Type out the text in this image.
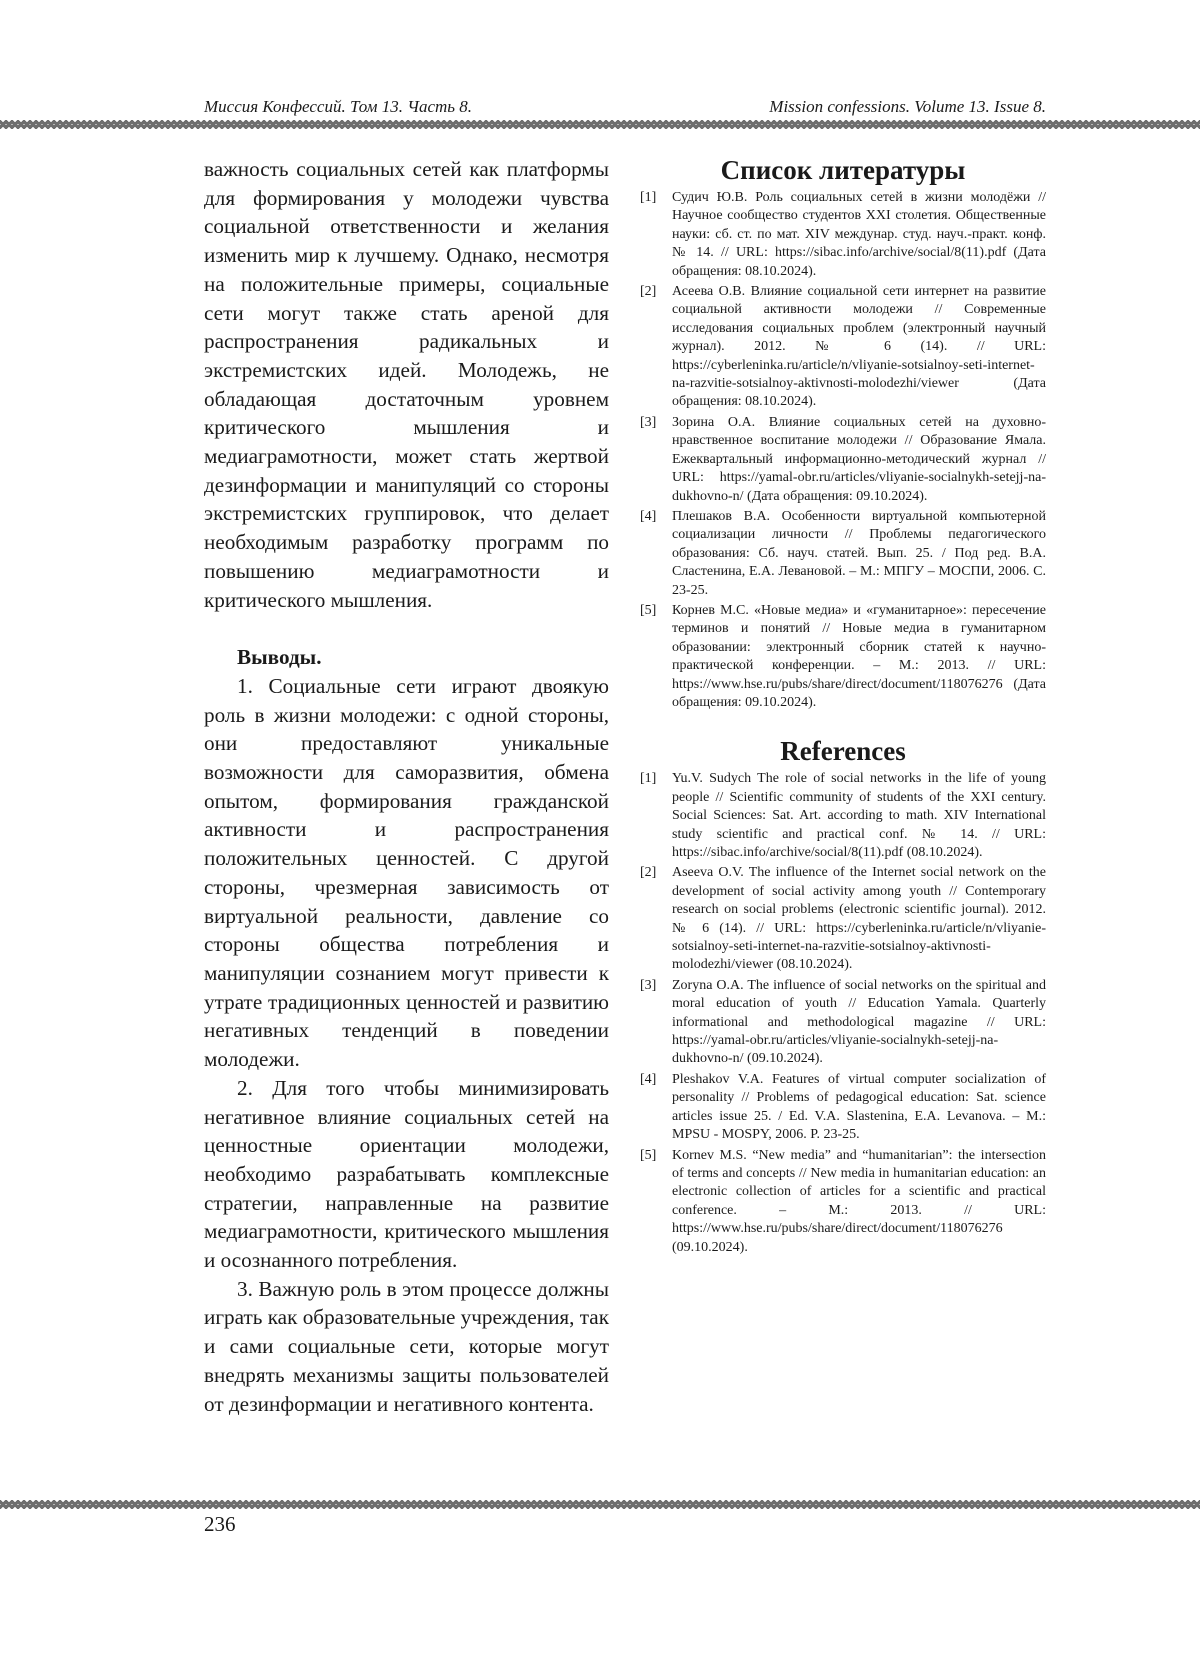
Миссия Конфессий. Том 13. Часть 8.	Mission confessions. Volume 13. Issue 8.

важность социальных сетей как платформы для формирования у молодежи чувства социальной ответственности и желания изменить мир к лучшему. Однако, несмотря на положительные примеры, социальные сети могут также стать ареной для распространения радикальных и экстремистских идей. Молодежь, не обладающая достаточным уровнем критического мышления и медиаграмотности, может стать жертвой дезинформации и манипуляций со стороны экстремистских группировок, что делает необходимым разработку программ по повышению медиаграмотности и критического мышления.

Выводы.

1. Социальные сети играют двоякую роль в жизни молодежи: с одной стороны, они предоставляют уникальные возможности для саморазвития, обмена опытом, формирования гражданской активности и распространения положительных ценностей. С другой стороны, чрезмерная зависимость от виртуальной реальности, давление со стороны общества потребления и манипуляции сознанием могут привести к утрате традиционных ценностей и развитию негативных тенденций в поведении молодежи.

2. Для того чтобы минимизировать негативное влияние социальных сетей на ценностные ориентации молодежи, необходимо разрабатывать комплексные стратегии, направленные на развитие медиаграмотности, критического мышления и осознанного потребления.

3. Важную роль в этом процессе должны играть как образовательные учреждения, так и сами социальные сети, которые могут внедрять механизмы защиты пользователей от дезинформации и негативного контента.

Список литературы
[1] Судич Ю.В. Роль социальных сетей в жизни молодёжи // Научное сообщество студентов XXI столетия. Общественные науки: сб. ст. по мат. XIV междунар. студ. науч.-практ. конф. № 14. // URL: https://sibac.info/archive/social/8(11).pdf (Дата обращения: 08.10.2024).
[2] Асеева О.В. Влияние социальной сети интернет на развитие социальной активности молодежи // Современные исследования социальных проблем (электронный научный журнал). 2012. № 6 (14). // URL: https://cyberleninka.ru/article/n/vliyanie-sotsialnoy-seti-internet-na-razvitie-sotsialnoy-aktivnosti-molodezhi/viewer (Дата обращения: 08.10.2024).
[3] Зорина О.А. Влияние социальных сетей на духовно-нравственное воспитание молодежи // Образование Ямала. Ежеквартальный информационно-методический журнал // URL: https://yamal-obr.ru/articles/vliyanie-socialnykh-setejj-na-dukhovno-n/ (Дата обращения: 09.10.2024).
[4] Плешаков В.А. Особенности виртуальной компьютерной социализации личности // Проблемы педагогического образования: Сб. науч. статей. Вып. 25. / Под ред. В.А. Сластенина, Е.А. Левановой. – М.: МПГУ – МОСПИ, 2006. С. 23-25.
[5] Корнев М.С. «Новые медиа» и «гуманитарное»: пересечение терминов и понятий // Новые медиа в гуманитарном образовании: электронный сборник статей к научно-практической конференции. – М.: 2013. // URL: https://www.hse.ru/pubs/share/direct/document/118076276 (Дата обращения: 09.10.2024).
References
[1] Yu.V. Sudych The role of social networks in the life of young people // Scientific community of students of the XXI century. Social Sciences: Sat. Art. according to math. XIV International study scientific and practical conf. № 14. // URL: https://sibac.info/archive/social/8(11).pdf (08.10.2024).
[2] Aseeva O.V. The influence of the Internet social network on the development of social activity among youth // Contemporary research on social problems (electronic scientific journal). 2012. № 6 (14). // URL: https://cyberleninka.ru/article/n/vliyanie-sotsialnoy-seti-internet-na-razvitie-sotsialnoy-aktivnosti-molodezhi/viewer (08.10.2024).
[3] Zoryna O.A. The influence of social networks on the spiritual and moral education of youth // Education Yamala. Quarterly informational and methodological magazine // URL: https://yamal-obr.ru/articles/vliyanie-socialnykh-setejj-na-dukhovno-n/ (09.10.2024).
[4] Pleshakov V.A. Features of virtual computer socialization of personality // Problems of pedagogical education: Sat. science articles issue 25. / Ed. V.A. Slastenina, E.A. Levanova. – M.: MPSU - MOSPY, 2006. P. 23-25.
[5] Kornev M.S. “New media” and “humanitarian”: the intersection of terms and concepts // New media in humanitarian education: an electronic collection of articles for a scientific and practical conference. – M.: 2013. // URL: https://www.hse.ru/pubs/share/direct/document/118076276 (09.10.2024).
236
